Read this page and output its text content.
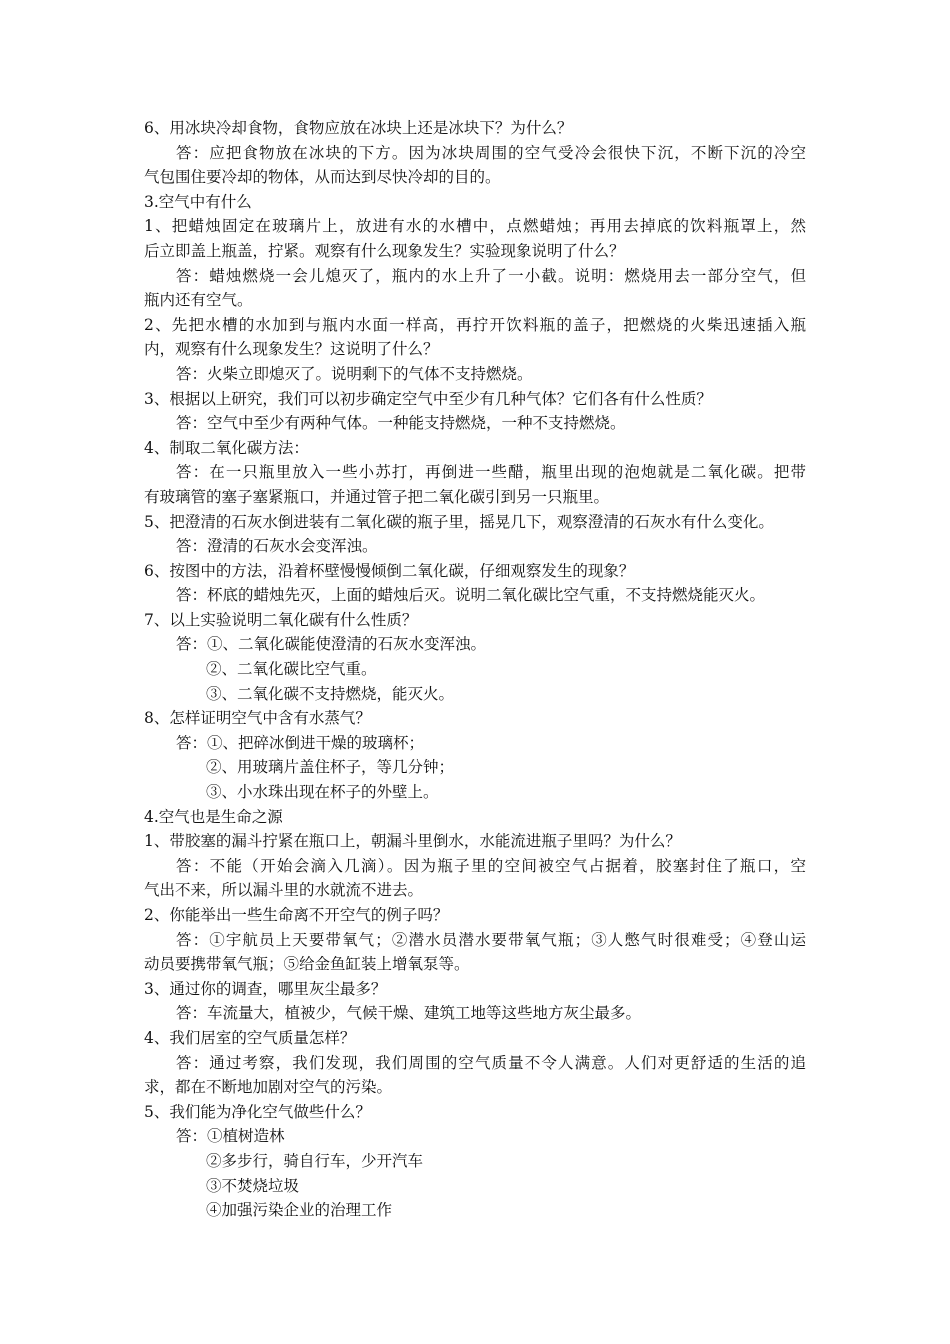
6、用冰块冷却食物，食物应放在冰块上还是冰块下？为什么？
答：应把食物放在冰块的下方。因为冰块周围的空气受冷会很快下沉，不断下沉的冷空
气包围住要冷却的物体，从而达到尽快冷却的目的。
3.空气中有什么
1、把蜡烛固定在玻璃片上，放进有水的水槽中，点燃蜡烛；再用去掉底的饮料瓶罩上，然
后立即盖上瓶盖，拧紧。观察有什么现象发生？实验现象说明了什么？
答：蜡烛燃烧一会儿熄灭了，瓶内的水上升了一小截。说明：燃烧用去一部分空气，但
瓶内还有空气。
2、先把水槽的水加到与瓶内水面一样高，再拧开饮料瓶的盖子，把燃烧的火柴迅速插入瓶
内，观察有什么现象发生？这说明了什么？
答：火柴立即熄灭了。说明剩下的气体不支持燃烧。
3、根据以上研究，我们可以初步确定空气中至少有几种气体？它们各有什么性质？
答：空气中至少有两种气体。一种能支持燃烧，一种不支持燃烧。
4、制取二氧化碳方法：
答：在一只瓶里放入一些小苏打，再倒进一些醋，瓶里出现的泡炮就是二氧化碳。把带
有玻璃管的塞子塞紧瓶口，并通过管子把二氧化碳引到另一只瓶里。
5、把澄清的石灰水倒进装有二氧化碳的瓶子里，摇晃几下，观察澄清的石灰水有什么变化。
答：澄清的石灰水会变浑浊。
6、按图中的方法，沿着杯壁慢慢倾倒二氧化碳，仔细观察发生的现象？
答：杯底的蜡烛先灭，上面的蜡烛后灭。说明二氧化碳比空气重，不支持燃烧能灭火。
7、以上实验说明二氧化碳有什么性质？
答：①、二氧化碳能使澄清的石灰水变浑浊。
②、二氧化碳比空气重。
③、二氧化碳不支持燃烧，能灭火。
8、怎样证明空气中含有水蒸气？
答：①、把碎冰倒进干燥的玻璃杯；
②、用玻璃片盖住杯子，等几分钟；
③、小水珠出现在杯子的外壁上。
4.空气也是生命之源
1、带胶塞的漏斗拧紧在瓶口上，朝漏斗里倒水，水能流进瓶子里吗？为什么？
答：不能（开始会滴入几滴）。因为瓶子里的空间被空气占据着，胶塞封住了瓶口，空
气出不来，所以漏斗里的水就流不进去。
2、你能举出一些生命离不开空气的例子吗？
答：①宇航员上天要带氧气；②潜水员潜水要带氧气瓶；③人憋气时很难受；④登山运
动员要携带氧气瓶；⑤给金鱼缸装上增氧泵等。
3、通过你的调查，哪里灰尘最多？
答：车流量大，植被少，气候干燥、建筑工地等这些地方灰尘最多。
4、我们居室的空气质量怎样？
答：通过考察，我们发现，我们周围的空气质量不令人满意。人们对更舒适的生活的追
求，都在不断地加剧对空气的污染。
5、我们能为净化空气做些什么？
答：①植树造林
②多步行，骑自行车，少开汽车
③不焚烧垃圾
④加强污染企业的治理工作
